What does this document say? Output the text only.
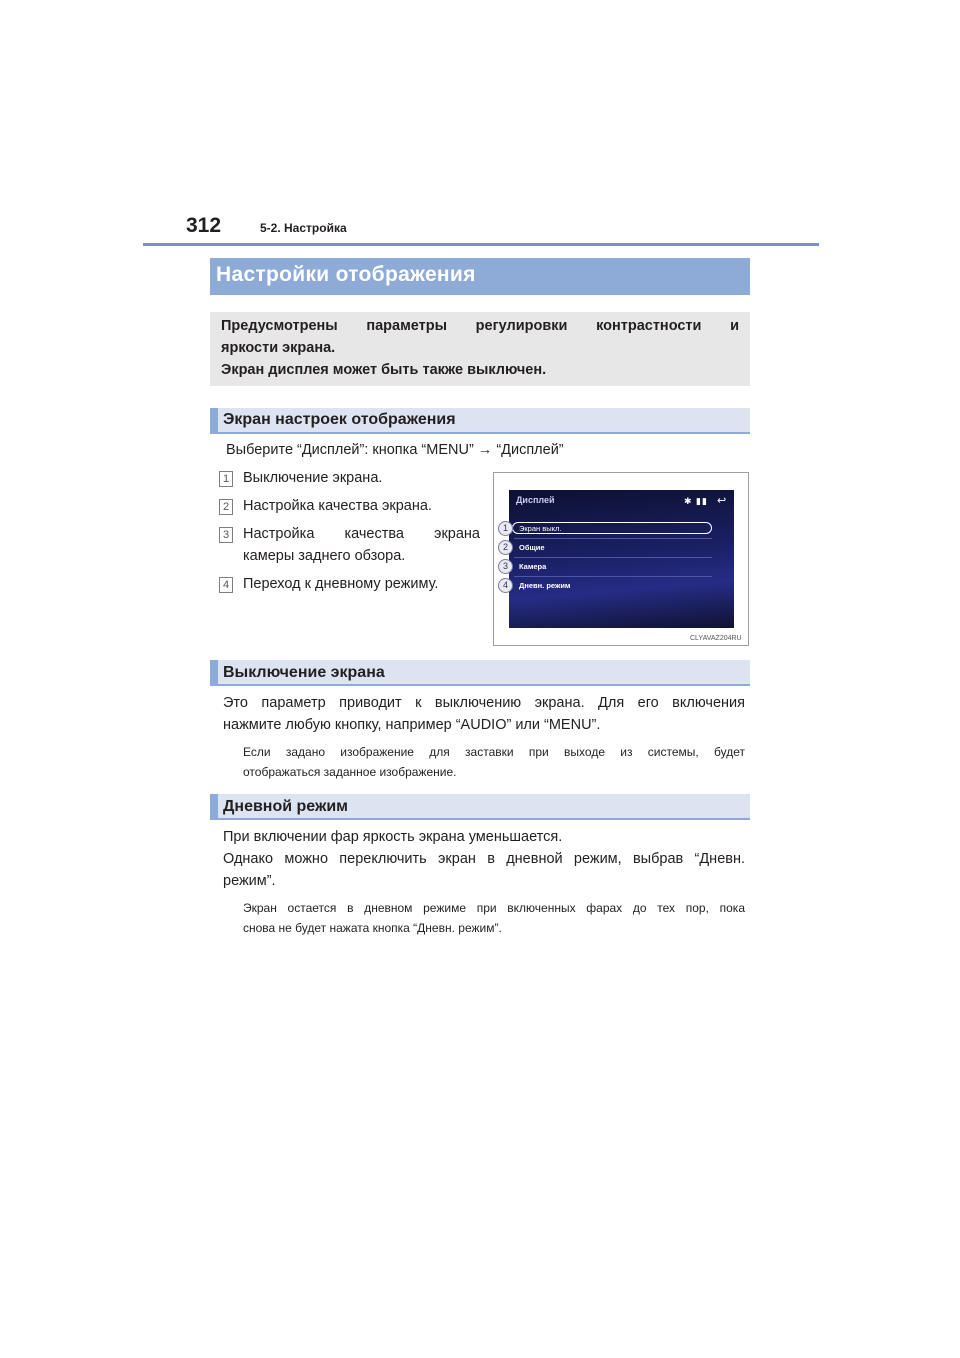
312	5-2. Настройка
Настройки отображения
Предусмотрены параметры регулировки контрастности и
яркости экрана.
Экран дисплея может быть также выключен.
Экран настроек отображения
Выберите “Дисплей”: кнопка “MENU” → “Дисплей”
1 Выключение экрана.
2 Настройка качества экрана.
3 Настройка качества экрана
камеры заднего обзора.
4 Переход к дневному режиму.
Дисплей	✱ ▮▮ ↩
Экран выкл.
Общие
Камера
Дневн. режим
1
2
3
4
CLYAVAZ204RU
Выключение экрана
Это параметр приводит к выключению экрана. Для его включения
нажмите любую кнопку, например “AUDIO” или “MENU”.
Если задано изображение для заставки при выходе из системы, будет
отображаться заданное изображение.
Дневной режим
При включении фар яркость экрана уменьшается.
Однако можно переключить экран в дневной режим, выбрав “Дневн.
режим”.
Экран остается в дневном режиме при включенных фарах до тех пор, пока
снова не будет нажата кнопка “Дневн. режим”.
